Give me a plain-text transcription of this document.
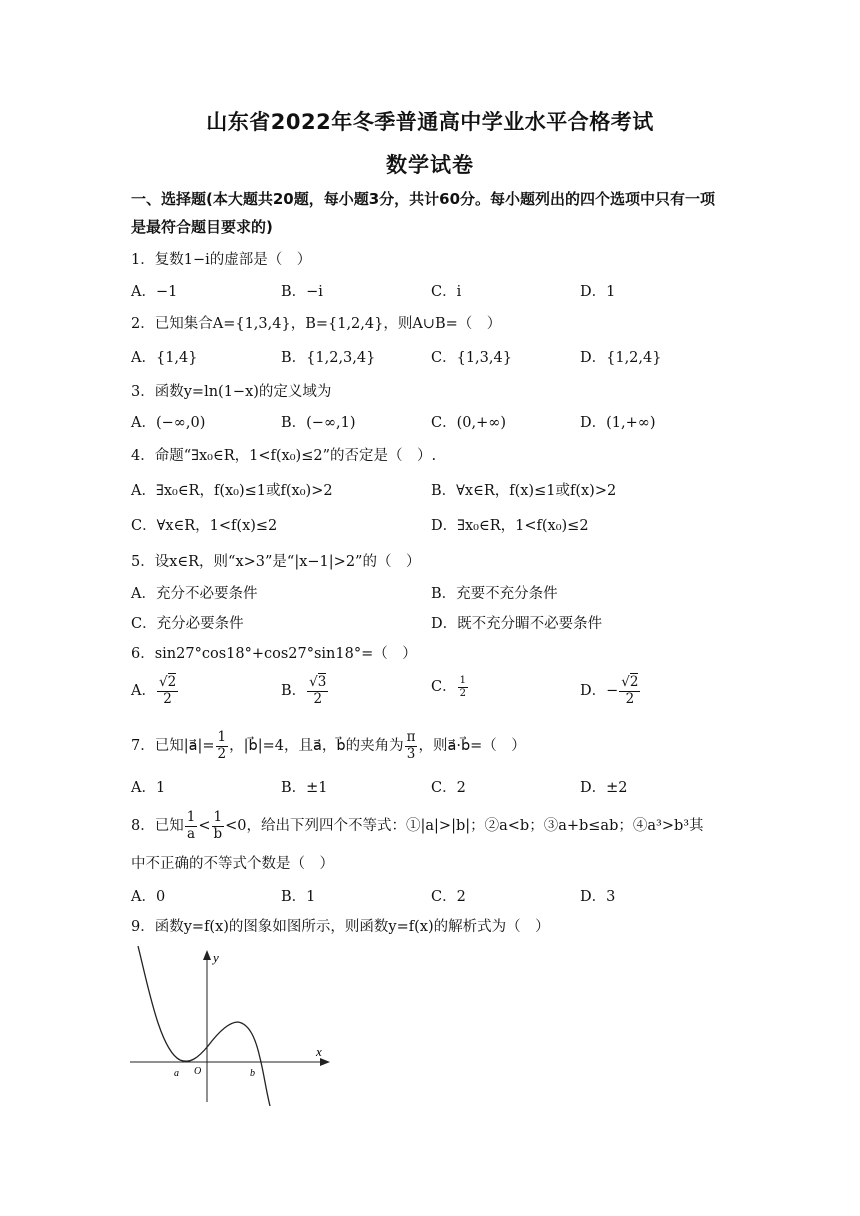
山东省2022年冬季普通高中学业水平合格考试
数学试卷
一、选择题(本大题共20题，每小题3分，共计60分。每小题列出的四个选项中只有一项
是最符合题目要求的)
1．复数1−i的虚部是（　）
A．−1	B．−i	C．i	D．1
2．已知集合A={1,3,4}，B={1,2,4}，则A∪B=（　）
A．{1,4}	B．{1,2,3,4}	C．{1,3,4}	D．{1,2,4}
3．函数y=ln(1−x)的定义域为
A．(−∞,0)	B．(−∞,1)	C．(0,+∞)	D．(1,+∞)
4．命题“∃x₀∈R，1<f(x₀)≤2”的否定是（　）.
A．∃x₀∈R，f(x₀)≤1或f(x₀)>2	B．∀x∈R，f(x)≤1或f(x)>2
C．∀x∈R，1<f(x)≤2	D．∃x₀∈R，1<f(x₀)≤2
5．设x∈R，则“x>3”是“|x−1|>2”的（　）
A．充分不必要条件	B．充要不充分条件
C．充分必要条件	D．既不充分睸不必要条件
6．sin27°cos18°+cos27°sin18°=（　）
A． $\frac{√2}{2}$	B． $\frac{√3}{2}$	C． $\frac{1}{2}$	D．− $\frac{√2}{2}$
7．已知|a⃗|= $\frac{1}{2}$ ，|b⃗|=4，且a⃗，b⃗的夹角为 $\frac{\pi}{3}$ ，则a⃗·b⃗=（　）
A．1	B．±1	C．2	D．±2
8．已知 $\frac{1}{a} < \frac{1}{b} <0$，给出下列四个不等式：①|a|>|b|；②a<b；③a+b≤ab；④a³>b³其
中不正确的不等式个数是（　）
A．0	B．1	C．2	D．3
9．函数y=f(x)的图象如图所示，则函数y=f(x)的解析式为（　）
x
y
O
a	b
